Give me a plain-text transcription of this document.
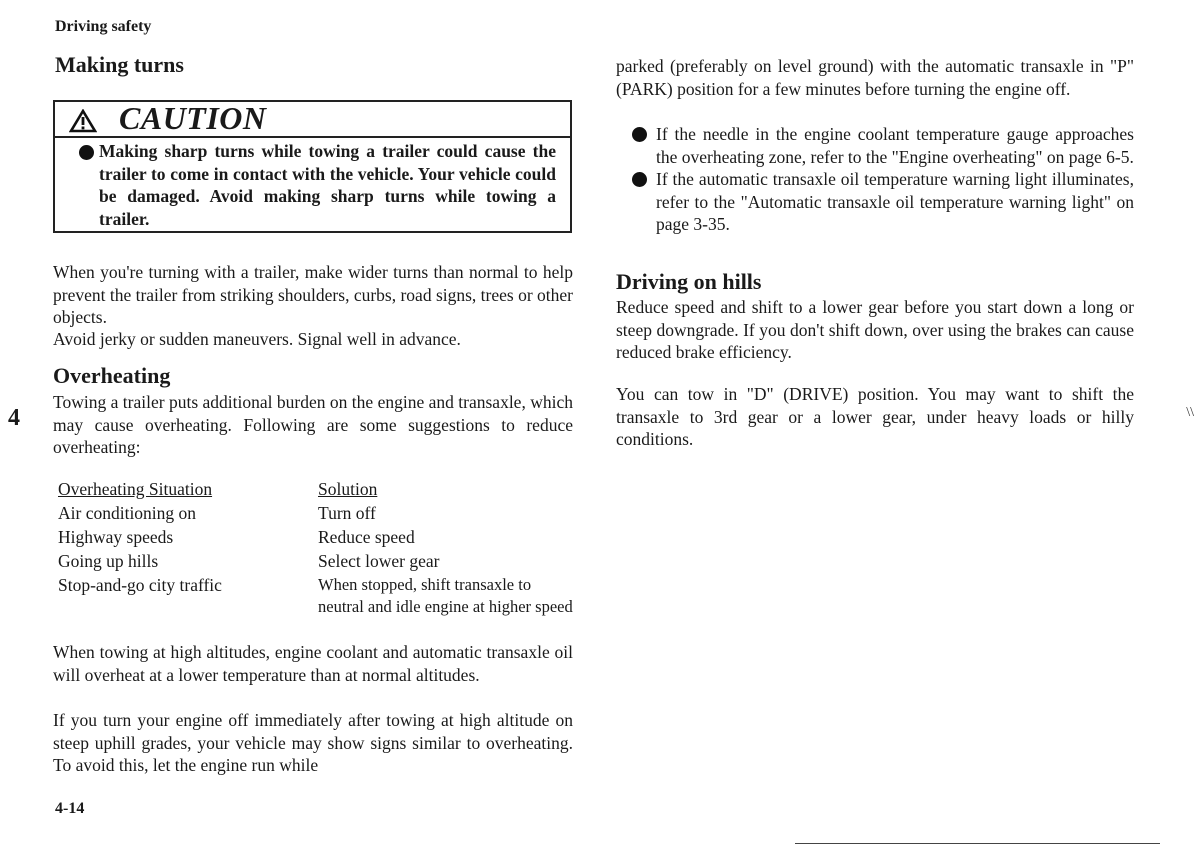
Driving safety
Making turns
CAUTION
Making sharp turns while towing a trailer could cause the trailer to come in contact with the vehicle. Your vehicle could be damaged. Avoid making sharp turns while towing a trailer.
When you're turning with a trailer, make wider turns than normal to help prevent the trailer from striking shoulders, curbs, road signs, trees or other objects.
Avoid jerky or sudden maneuvers. Signal well in advance.
Overheating
Towing a trailer puts additional burden on the engine and transaxle, which may cause overheating. Following are some suggestions to reduce overheating:
Overheating Situation	Solution
Air conditioning on	Turn off
Highway speeds	Reduce speed
Going up hills	Select lower gear
Stop-and-go city traffic	When stopped, shift transaxle to neutral and idle engine at higher speed
When towing at high altitudes, engine coolant and automatic transaxle oil will overheat at a lower temperature than at normal altitudes.
If you turn your engine off immediately after towing at high altitude on steep uphill grades, your vehicle may show signs similar to overheating. To avoid this, let the engine run while
parked (preferably on level ground) with the automatic transaxle in "P" (PARK) position for a few minutes before turning the engine off.
If the needle in the engine coolant temperature gauge approaches the overheating zone, refer to the "Engine overheating" on page 6-5.
If the automatic transaxle oil temperature warning light illuminates, refer to the "Automatic transaxle oil temperature warning light" on page 3-35.
Driving on hills
Reduce speed and shift to a lower gear before you start down a long or steep downgrade. If you don't shift down, over using the brakes can cause reduced brake efficiency.
You can tow in "D" (DRIVE) position. You may want to shift the transaxle to 3rd gear or a lower gear, under heavy loads or hilly conditions.
4	\\
4-14
